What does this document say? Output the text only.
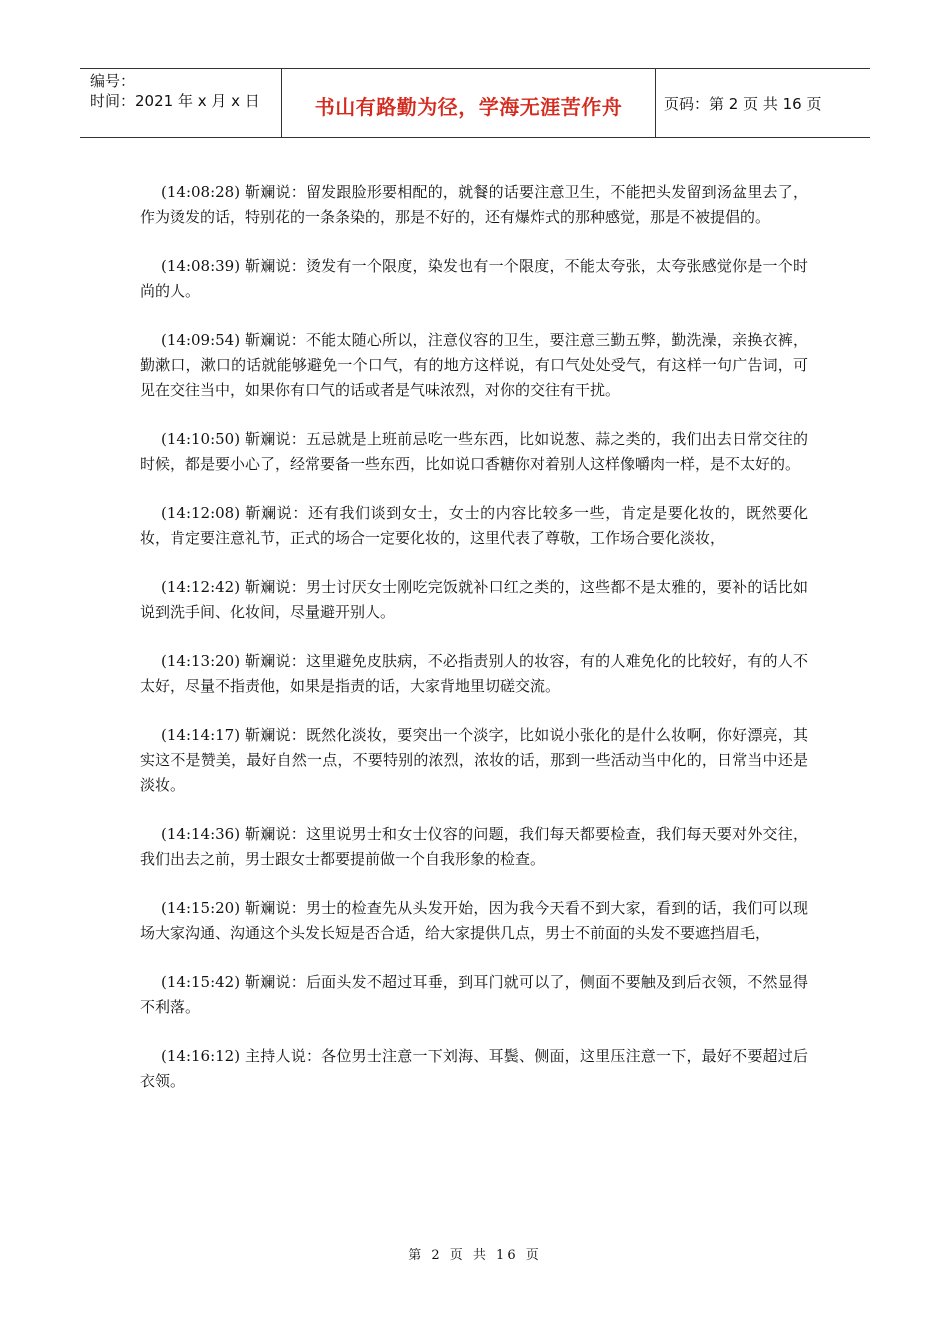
编号：
时间：2021 年 x 月 x 日	书山有路勤为径，学海无涯苦作舟	页码：第 2 页 共 16 页

(14:08:28) 靳斓说：留发跟脸形要相配的，就餐的话要注意卫生，不能把头发留到汤盆里去了，作为烫发的话，特别花的一条条染的，那是不好的，还有爆炸式的那种感觉，那是不被提倡的。

(14:08:39) 靳斓说：烫发有一个限度，染发也有一个限度，不能太夸张，太夸张感觉你是一个时尚的人。

(14:09:54) 靳斓说：不能太随心所以，注意仪容的卫生，要注意三勤五弊，勤洗澡，亲换衣裤，勤漱口，漱口的话就能够避免一个口气，有的地方这样说，有口气处处受气，有这样一句广告词，可见在交往当中，如果你有口气的话或者是气味浓烈，对你的交往有干扰。

(14:10:50) 靳斓说：五忌就是上班前忌吃一些东西，比如说葱、蒜之类的，我们出去日常交往的时候，都是要小心了，经常要备一些东西，比如说口香糖你对着别人这样像嚼肉一样，是不太好的。

(14:12:08) 靳斓说：还有我们谈到女士，女士的内容比较多一些，肯定是要化妆的，既然要化妆，肯定要注意礼节，正式的场合一定要化妆的，这里代表了尊敬，工作场合要化淡妆，

(14:12:42) 靳斓说：男士讨厌女士刚吃完饭就补口红之类的，这些都不是太雅的，要补的话比如说到洗手间、化妆间，尽量避开别人。

(14:13:20) 靳斓说：这里避免皮肤病，不必指责别人的妆容，有的人难免化的比较好，有的人不太好，尽量不指责他，如果是指责的话，大家背地里切磋交流。

(14:14:17) 靳斓说：既然化淡妆，要突出一个淡字，比如说小张化的是什么妆啊，你好漂亮，其实这不是赞美，最好自然一点，不要特别的浓烈，浓妆的话，那到一些活动当中化的，日常当中还是淡妆。

(14:14:36) 靳斓说：这里说男士和女士仪容的问题，我们每天都要检查，我们每天要对外交往，我们出去之前，男士跟女士都要提前做一个自我形象的检查。

(14:15:20) 靳斓说：男士的检查先从头发开始，因为我今天看不到大家，看到的话，我们可以现场大家沟通、沟通这个头发长短是否合适，给大家提供几点，男士不前面的头发不要遮挡眉毛，

(14:15:42) 靳斓说：后面头发不超过耳垂，到耳门就可以了，侧面不要触及到后衣领，不然显得不利落。

(14:16:12) 主持人说：各位男士注意一下刘海、耳鬓、侧面，这里压注意一下，最好不要超过后衣领。

第 2 页 共 16 页
